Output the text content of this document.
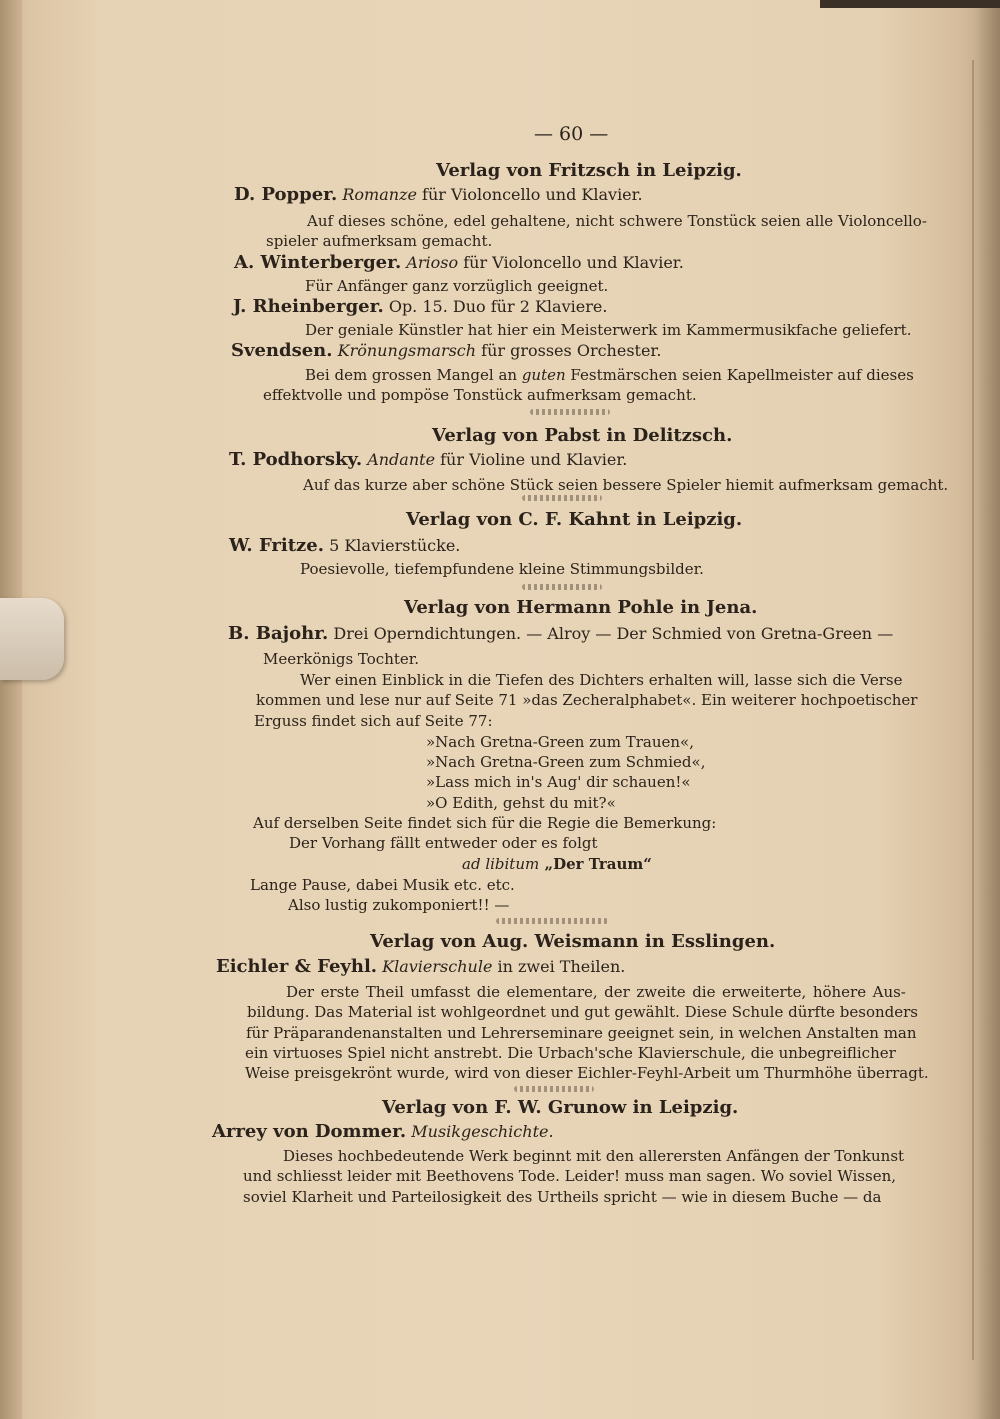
— 60 —
Verlag von Fritzsch in Leipzig.
D. Popper. Romanze für Violoncello und Klavier.
Auf dieses schöne, edel gehaltene, nicht schwere Tonstück seien alle Violoncello-
spieler aufmerksam gemacht.
A. Winterberger. Arioso für Violoncello und Klavier.
Für Anfänger ganz vorzüglich geeignet.
J. Rheinberger. Op. 15. Duo für 2 Klaviere.
Der geniale Künstler hat hier ein Meisterwerk im Kammermusikfache geliefert.
Svendsen. Krönungsmarsch für grosses Orchester.
Bei dem grossen Mangel an guten Festmärschen seien Kapellmeister auf dieses
effektvolle und pompöse Tonstück aufmerksam gemacht.
Verlag von Pabst in Delitzsch.
T. Podhorsky. Andante für Violine und Klavier.
Auf das kurze aber schöne Stück seien bessere Spieler hiemit aufmerksam gemacht.
Verlag von C. F. Kahnt in Leipzig.
W. Fritze. 5 Klavierstücke.
Poesievolle, tiefempfundene kleine Stimmungsbilder.
Verlag von Hermann Pohle in Jena.
B. Bajohr. Drei Operndichtungen. — Alroy — Der Schmied von Gretna-Green —
Meerkönigs Tochter.
Wer einen Einblick in die Tiefen des Dichters erhalten will, lasse sich die Verse
kommen und lese nur auf Seite 71 »das Zecheralphabet«. Ein weiterer hochpoetischer
Erguss findet sich auf Seite 77:
»Nach Gretna-Green zum Trauen«,
»Nach Gretna-Green zum Schmied«,
»Lass mich in's Aug' dir schauen!«
»O Edith, gehst du mit?«
Auf derselben Seite findet sich für die Regie die Bemerkung:
Der Vorhang fällt entweder oder es folgt
ad libitum „Der Traum“
Lange Pause, dabei Musik etc. etc.
Also lustig zukomponiert!! —
Verlag von Aug. Weismann in Esslingen.
Eichler & Feyhl. Klavierschule in zwei Theilen.
Der erste Theil umfasst die elementare, der zweite die erweiterte, höhere Aus-
bildung. Das Material ist wohlgeordnet und gut gewählt. Diese Schule dürfte besonders
für Präparandenanstalten und Lehrerseminare geeignet sein, in welchen Anstalten man
ein virtuoses Spiel nicht anstrebt. Die Urbach'sche Klavierschule, die unbegreiflicher
Weise preisgekrönt wurde, wird von dieser Eichler-Feyhl-Arbeit um Thurmhöhe überragt.
Verlag von F. W. Grunow in Leipzig.
Arrey von Dommer. Musikgeschichte.
Dieses hochbedeutende Werk beginnt mit den allerersten Anfängen der Tonkunst
und schliesst leider mit Beethovens Tode. Leider! muss man sagen. Wo soviel Wissen,
soviel Klarheit und Parteilosigkeit des Urtheils spricht — wie in diesem Buche — da
